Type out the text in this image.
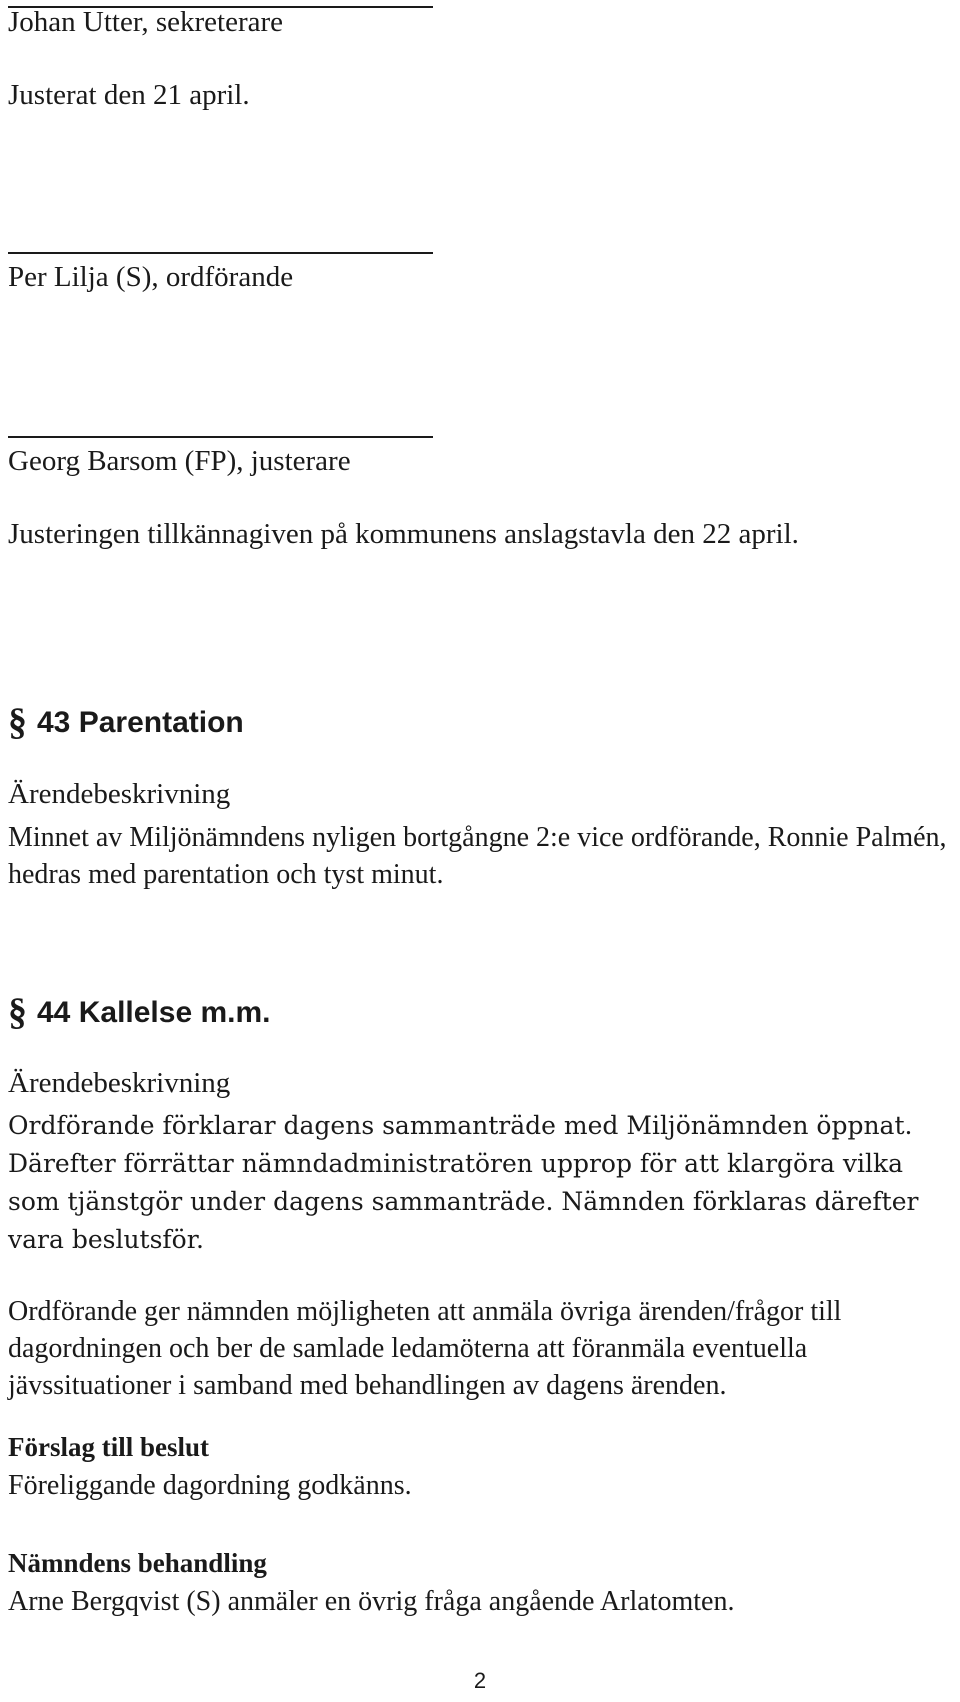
Johan Utter, sekreterare
Justerat den 21 april.
Per Lilja (S), ordförande
Georg Barsom (FP), justerare
Justeringen tillkännagiven på kommunens anslagstavla den 22 april.
§ 43 Parentation
Ärendebeskrivning

Minnet av Miljönämndens nyligen bortgångne 2:e vice ordförande, Ronnie Palmén, hedras med parentation och tyst minut.

§ 44 Kallelse m.m.
Ärendebeskrivning

Ordförande förklarar dagens sammanträde med Miljönämnden öppnat. Därefter förrättar nämndadministratören upprop för att klargöra vilka som tjänstgör under dagens sammanträde. Nämnden förklaras därefter vara beslutsför.

Ordförande ger nämnden möjligheten att anmäla övriga ärenden/frågor till dagordningen och ber de samlade ledamöterna att föranmäla eventuella jävssituationer i samband med behandlingen av dagens ärenden.

Förslag till beslut
Föreliggande dagordning godkänns.
Nämndens behandling
Arne Bergqvist (S) anmäler en övrig fråga angående Arlatomten.
2
